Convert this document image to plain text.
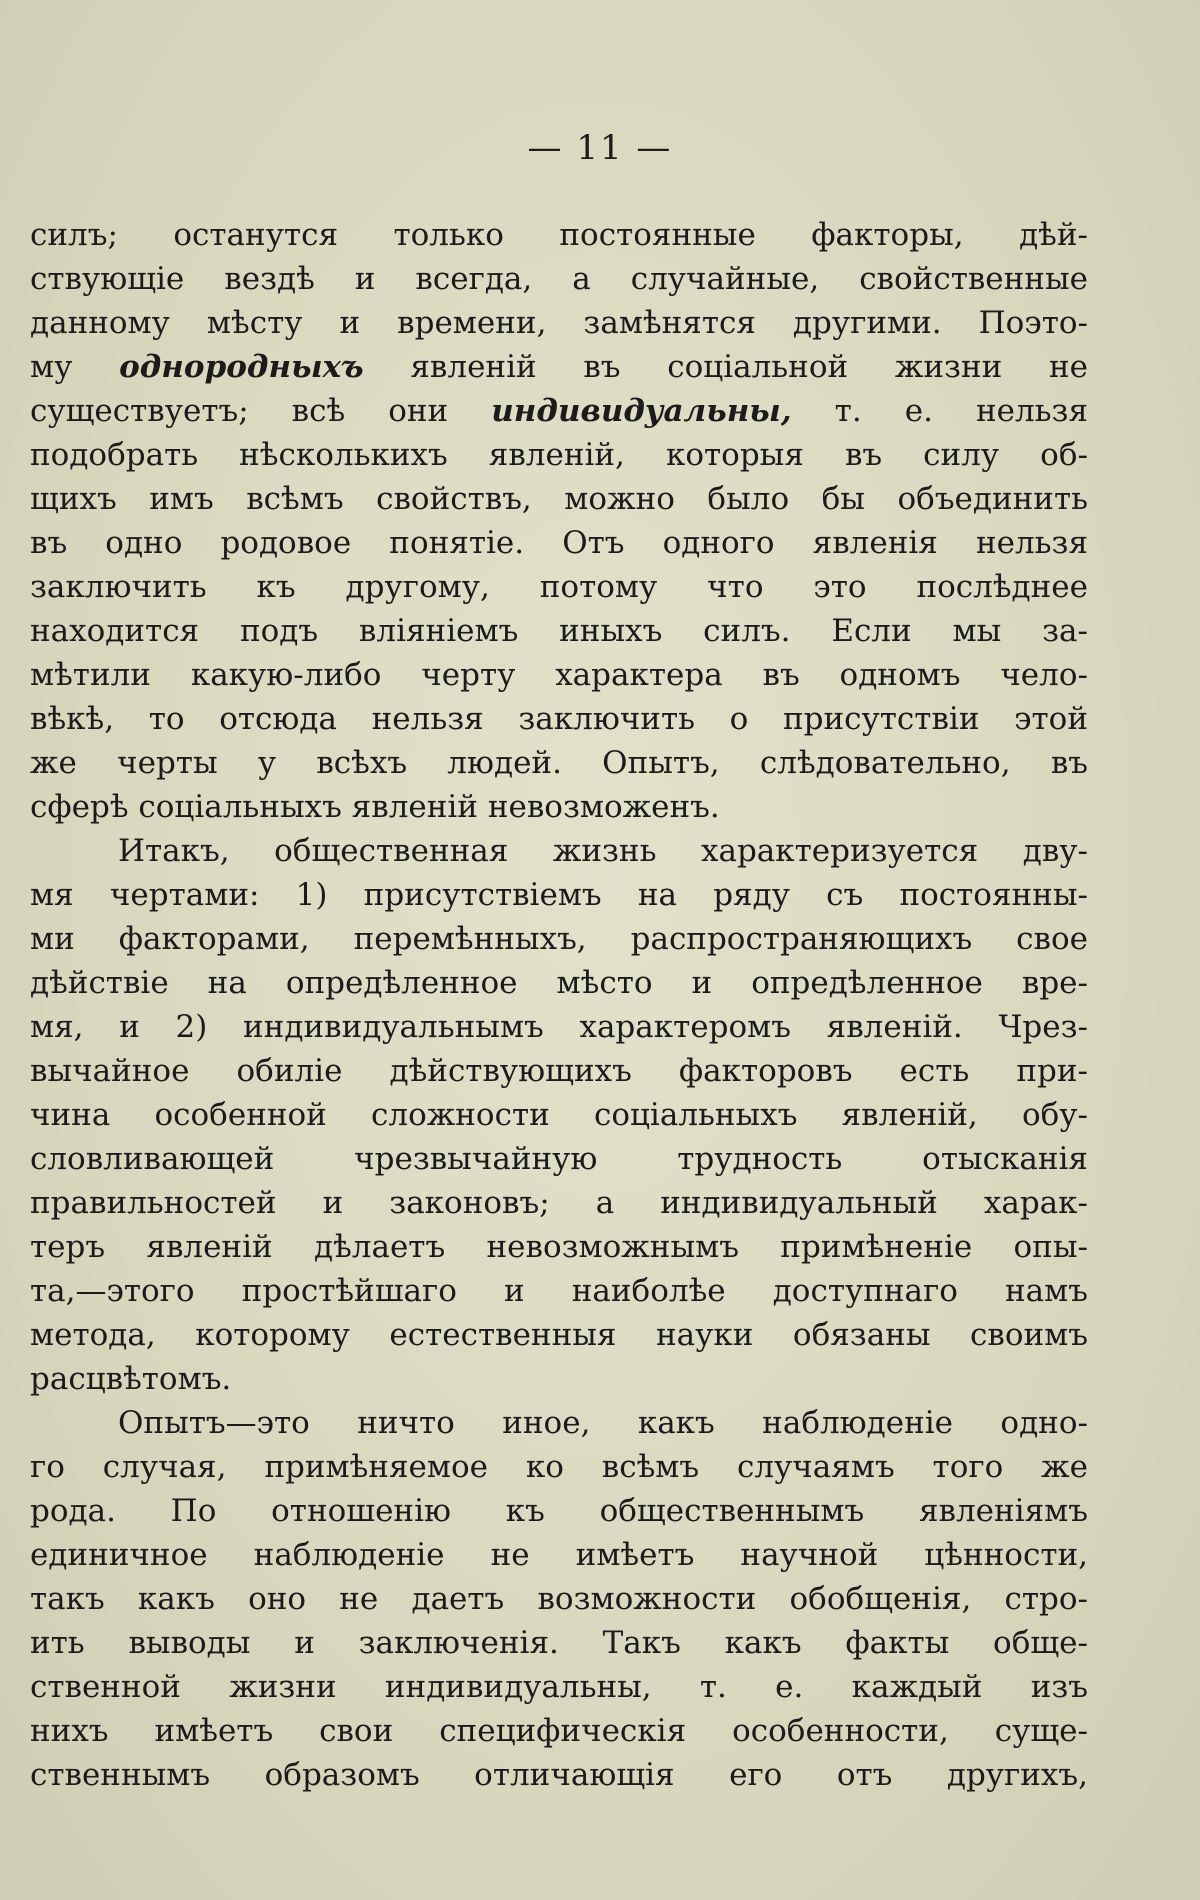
— 11 —
силъ; останутся только постоянные факторы, дѣй-
ствующіе вездѣ и всегда, а случайные, свойственные
данному мѣсту и времени, замѣнятся другими. Поэто-
му однородныхъ явленій въ соціальной жизни не
существуетъ; всѣ они индивидуальны, т. е. нельзя
подобрать нѣсколькихъ явленій, которыя въ силу об-
щихъ имъ всѣмъ свойствъ, можно было бы объединить
въ одно родовое понятіе. Отъ одного явленія нельзя
заключить къ другому, потому что это послѣднее
находится подъ вліяніемъ иныхъ силъ. Если мы за-
мѣтили какую-либо черту характера въ одномъ чело-
вѣкѣ, то отсюда нельзя заключить о присутствіи этой
же черты у всѣхъ людей. Опытъ, слѣдовательно, въ
сферѣ соціальныхъ явленій невозможенъ.
Итакъ, общественная жизнь характеризуется дву-
мя чертами: 1) присутствіемъ на ряду съ постоянны-
ми факторами, перемѣнныхъ, распространяющихъ свое
дѣйствіе на опредѣленное мѣсто и опредѣленное вре-
мя, и 2) индивидуальнымъ характеромъ явленій. Чрез-
вычайное обиліе дѣйствующихъ факторовъ есть при-
чина особенной сложности соціальныхъ явленій, обу-
словливающей чрезвычайную трудность отысканія
правильностей и законовъ; а индивидуальный харак-
теръ явленій дѣлаетъ невозможнымъ примѣненіе опы-
та,—этого простѣйшаго и наиболѣе доступнаго намъ
метода, которому естественныя науки обязаны своимъ
расцвѣтомъ.
Опытъ—это ничто иное, какъ наблюденіе одно-
го случая, примѣняемое ко всѣмъ случаямъ того же
рода. По отношенію къ общественнымъ явленіямъ
единичное наблюденіе не имѣетъ научной цѣнности,
такъ какъ оно не даетъ возможности обобщенія, стро-
ить выводы и заключенія. Такъ какъ факты обще-
ственной жизни индивидуальны, т. е. каждый изъ
нихъ имѣетъ свои специфическія особенности, суще-
ственнымъ образомъ отличающія его отъ другихъ,
